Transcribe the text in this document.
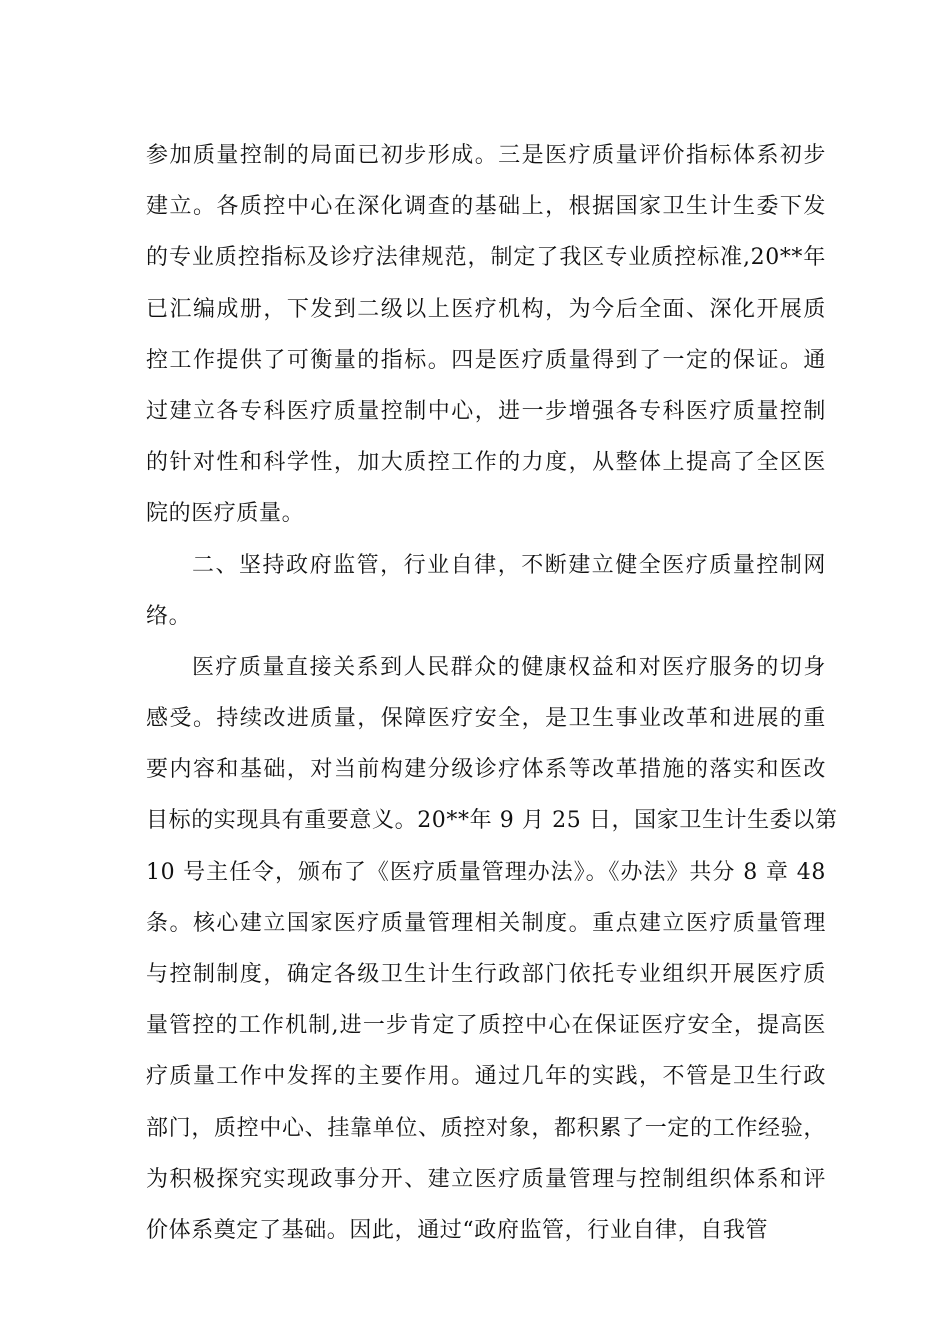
参加质量控制的局面已初步形成。三是医疗质量评价指标体系初步
建立。各质控中心在深化调查的基础上，根据国家卫生计生委下发
的专业质控指标及诊疗法律规范，制定了我区专业质控标准,20**年
已汇编成册，下发到二级以上医疗机构，为今后全面、深化开展质
控工作提供了可衡量的指标。四是医疗质量得到了一定的保证。通
过建立各专科医疗质量控制中心，进一步增强各专科医疗质量控制
的针对性和科学性，加大质控工作的力度，从整体上提高了全区医
院的医疗质量。
二、坚持政府监管，行业自律，不断建立健全医疗质量控制网
络。
医疗质量直接关系到人民群众的健康权益和对医疗服务的切身
感受。持续改进质量，保障医疗安全，是卫生事业改革和进展的重
要内容和基础，对当前构建分级诊疗体系等改革措施的落实和医改
目标的实现具有重要意义。20**年 9 月 25 日，国家卫生计生委以第
10 号主任令，颁布了《医疗质量管理办法》。《办法》共分 8 章 48
条。核心建立国家医疗质量管理相关制度。重点建立医疗质量管理
与控制制度，确定各级卫生计生行政部门依托专业组织开展医疗质
量管控的工作机制,进一步肯定了质控中心在保证医疗安全，提高医
疗质量工作中发挥的主要作用。通过几年的实践，不管是卫生行政
部门，质控中心、挂靠单位、质控对象，都积累了一定的工作经验，
为积极探究实现政事分开、建立医疗质量管理与控制组织体系和评
价体系奠定了基础。因此，通过“政府监管，行业自律，自我管
